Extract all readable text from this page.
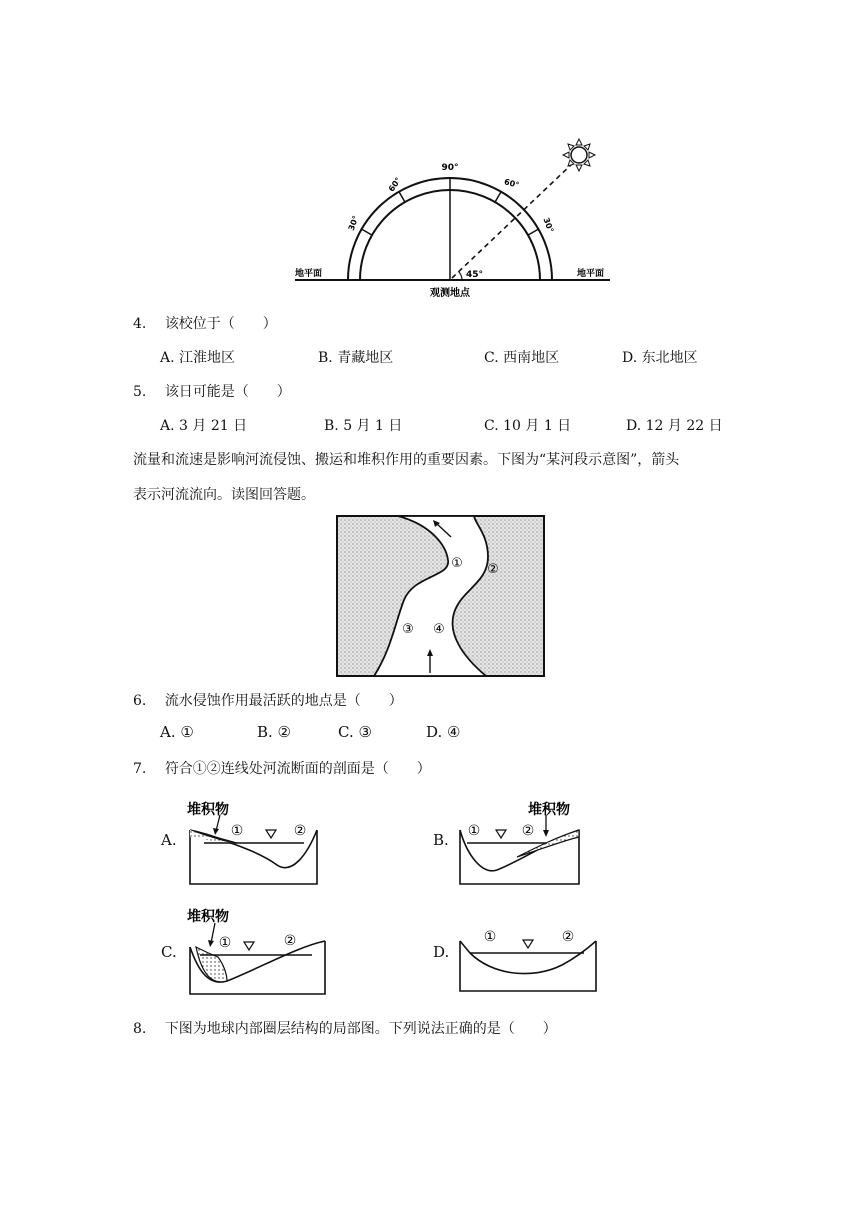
90°
60°	60°
30°	30°
45°
地平面	地平面
观测地点
4. 该校位于（　　）
A. 江淮地区	B. 青藏地区	C. 西南地区	D. 东北地区
5. 该日可能是（　　）
A. 3 月 21 日	B. 5 月 1 日	C. 10 月 1 日	D. 12 月 22 日
流量和流速是影响河流侵蚀、搬运和堆积作用的重要因素。下图为“某河段示意图”，箭头
表示河流流向。读图回答题。
① ②
③ ④
6. 流水侵蚀作用最活跃的地点是（　　）
A. ①	B. ②	C. ③	D. ④
7. 符合①②连线处河流断面的剖面是（　　）
A.	B.
C.	D.
堆积物
①	②
堆积物
①	②
堆积物
①	②	①	②
8. 下图为地球内部圈层结构的局部图。下列说法正确的是（　　）
